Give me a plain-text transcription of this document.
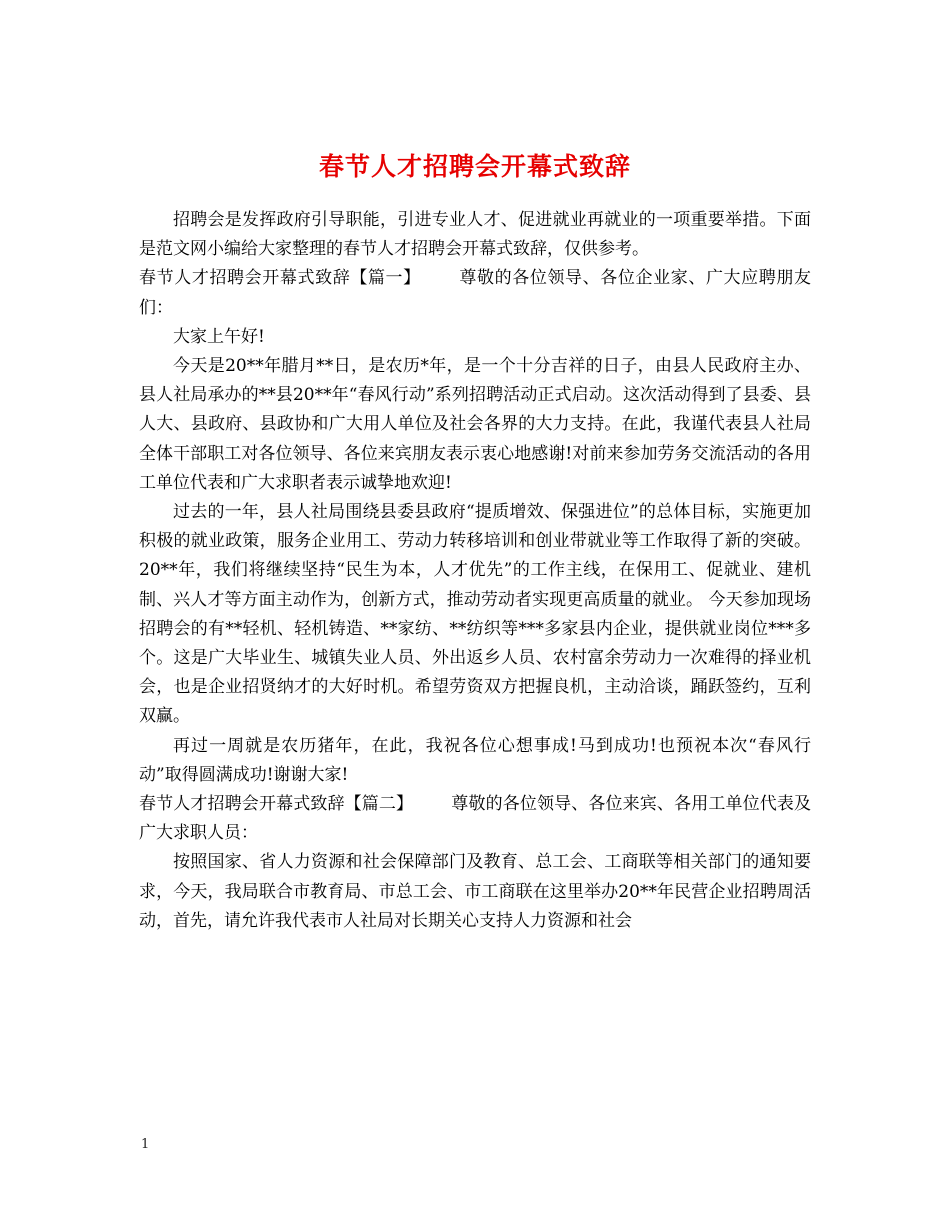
春节人才招聘会开幕式致辞

招聘会是发挥政府引导职能，引进专业人才、促进就业再就业的一项重要举措。下面是范文网小编给大家整理的春节人才招聘会开幕式致辞，仅供参考。

春节人才招聘会开幕式致辞【篇一】 尊敬的各位领导、各位企业家、广大应聘朋友们：

大家上午好!

今天是20**年腊月**日，是农历*年，是一个十分吉祥的日子，由县人民政府主办、县人社局承办的**县20**年“春风行动”系列招聘活动正式启动。这次活动得到了县委、县人大、县政府、县政协和广大用人单位及社会各界的大力支持。在此，我谨代表县人社局全体干部职工对各位领导、各位来宾朋友表示衷心地感谢!对前来参加劳务交流活动的各用工单位代表和广大求职者表示诚挚地欢迎!

过去的一年，县人社局围绕县委县政府“提质增效、保强进位”的总体目标，实施更加积极的就业政策，服务企业用工、劳动力转移培训和创业带就业等工作取得了新的突破。20**年，我们将继续坚持“民生为本，人才优先”的工作主线，在保用工、促就业、建机制、兴人才等方面主动作为，创新方式，推动劳动者实现更高质量的就业。 今天参加现场招聘会的有**轻机、轻机铸造、**家纺、**纺织等***多家县内企业，提供就业岗位***多个。这是广大毕业生、城镇失业人员、外出返乡人员、农村富余劳动力一次难得的择业机会，也是企业招贤纳才的大好时机。希望劳资双方把握良机，主动洽谈，踊跃签约，互利双赢。

再过一周就是农历猪年，在此，我祝各位心想事成!马到成功!也预祝本次“春风行动”取得圆满成功!谢谢大家!

春节人才招聘会开幕式致辞【篇二】 尊敬的各位领导、各位来宾、各用工单位代表及广大求职人员：

按照国家、省人力资源和社会保障部门及教育、总工会、工商联等相关部门的通知要求，今天，我局联合市教育局、市总工会、市工商联在这里举办20**年民营企业招聘周活动，首先，请允许我代表市人社局对长期关心支持人力资源和社会

1
